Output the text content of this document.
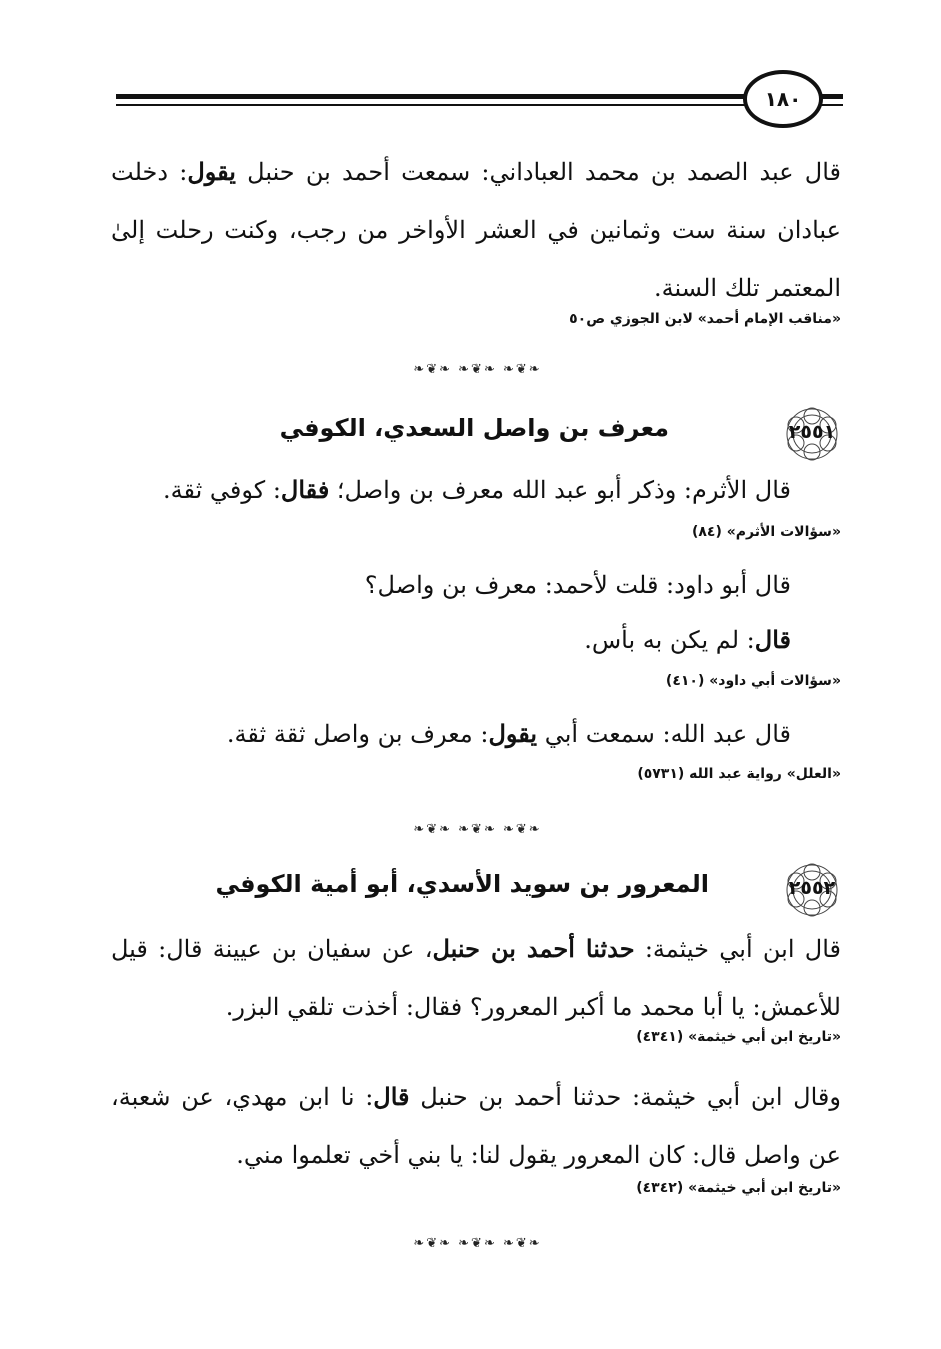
١٨٠
قال عبد الصمد بن محمد العباداني: سمعت أحمد بن حنبل يقول: دخلت عبادان سنة ست وثمانين في العشر الأواخر من رجب، وكنت رحلت إلىٰ المعتمر تلك السنة.
«مناقب الإمام أحمد» لابن الجوزي ص٥٠
❧❦❧ ❧❦❧ ❧❦❧
٢٥٥١
معرف بن واصل السعدي، الكوفي
قال الأثرم: وذكر أبو عبد الله معرف بن واصل؛ فقال: كوفي ثقة.
«سؤالات الأثرم» (٨٤)
قال أبو داود: قلت لأحمد: معرف بن واصل؟
قال: لم يكن به بأس.
«سؤالات أبي داود» (٤١٠)
قال عبد الله: سمعت أبي يقول: معرف بن واصل ثقة ثقة.
«العلل» رواية عبد الله (٥٧٣١)
❧❦❧ ❧❦❧ ❧❦❧
٢٥٥٢
المعرور بن سويد الأسدي، أبو أمية الكوفي
قال ابن أبي خيثمة: حدثنا أحمد بن حنبل، عن سفيان بن عيينة قال: قيل للأعمش: يا أبا محمد ما أكبر المعرور؟ فقال: أخذت تلقي البزر.
«تاريخ ابن أبي خيثمة» (٤٣٤١)
وقال ابن أبي خيثمة: حدثنا أحمد بن حنبل قال: نا ابن مهدي، عن شعبة، عن واصل قال: كان المعرور يقول لنا: يا بني أخي تعلموا مني.
«تاريخ ابن أبي خيثمة» (٤٣٤٢)
❧❦❧ ❧❦❧ ❧❦❧
